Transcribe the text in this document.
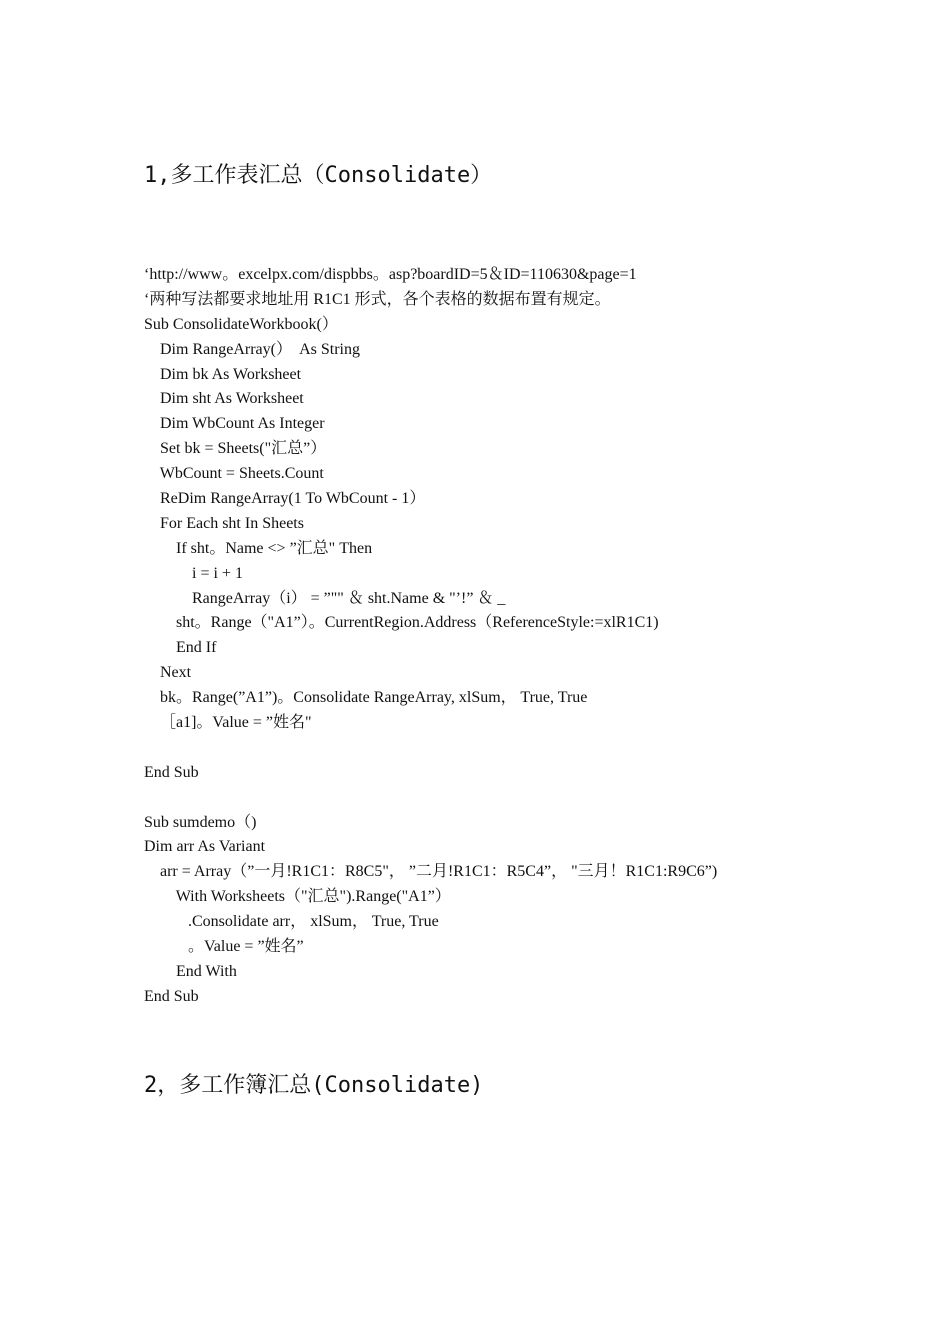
1,多工作表汇总（Consolidate）
‘http://www。excelpx.com/dispbbs。asp?boardID=5＆ID=110630&page=1
‘两种写法都要求地址用 R1C1 形式，各个表格的数据布置有规定。
Sub ConsolidateWorkbook(）
Dim RangeArray(）  As String
Dim bk As Worksheet
Dim sht As Worksheet
Dim WbCount As Integer
Set bk = Sheets("汇总”）
WbCount = Sheets.Count
ReDim RangeArray(1 To WbCount - 1）
For Each sht In Sheets
If sht。Name <> ”汇总" Then
i = i + 1
RangeArray（i） = ”"" ＆ sht.Name & "’!” ＆ _
sht。Range（"A1”）。CurrentRegion.Address（ReferenceStyle:=xlR1C1)
End If
Next
bk。Range(”A1”)。Consolidate RangeArray, xlSum， True, True
［a1]。Value = ”姓名"
End Sub
Sub sumdemo（)
Dim arr As Variant
arr = Array（”一月!R1C1：R8C5"， ”二月!R1C1：R5C4”， "三月！R1C1:R9C6”)
With Worksheets（"汇总").Range("A1”）
.Consolidate arr， xlSum， True, True
。Value = ”姓名”
End With
End Sub
2，多工作簿汇总(Consolidate)
